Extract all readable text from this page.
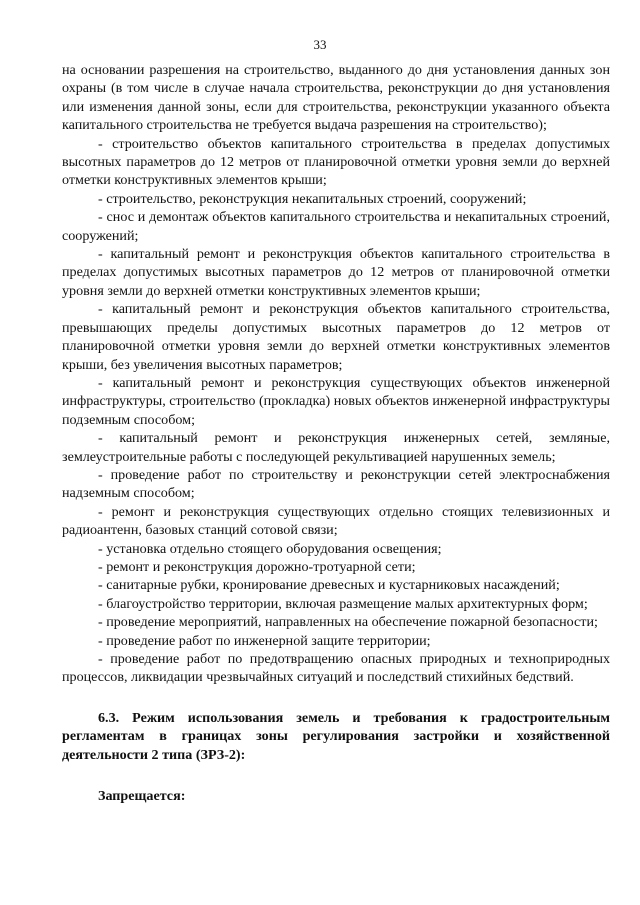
33

на основании разрешения на строительство, выданного до дня установления данных зон охраны (в том числе в случае начала строительства, реконструкции до дня установления или изменения данной зоны, если для строительства, реконструкции указанного объекта капитального строительства не требуется выдача разрешения на строительство);

- строительство объектов капитального строительства в пределах допустимых высотных параметров до 12 метров от планировочной отметки уровня земли до верхней отметки конструктивных элементов крыши;

- строительство, реконструкция некапитальных строений, сооружений;

- снос и демонтаж объектов капитального строительства и некапитальных строений, сооружений;

- капитальный ремонт и реконструкция объектов капитального строительства в пределах допустимых высотных параметров до 12 метров от планировочной отметки уровня земли до верхней отметки конструктивных элементов крыши;

- капитальный ремонт и реконструкция объектов капитального строительства, превышающих пределы допустимых высотных параметров до 12 метров от планировочной отметки уровня земли до верхней отметки конструктивных элементов крыши, без увеличения высотных параметров;

- капитальный ремонт и реконструкция существующих объектов инженерной инфраструктуры, строительство (прокладка) новых объектов инженерной инфраструктуры подземным способом;

- капитальный ремонт и реконструкция инженерных сетей, земляные, землеустроительные работы с последующей рекультивацией нарушенных земель;

- проведение работ по строительству и реконструкции сетей электроснабжения надземным способом;

- ремонт и реконструкция существующих отдельно стоящих телевизионных и радиоантенн, базовых станций сотовой связи;

- установка отдельно стоящего оборудования освещения;

- ремонт и реконструкция дорожно-тротуарной сети;

- санитарные рубки, кронирование древесных и кустарниковых насаждений;

- благоустройство территории, включая размещение малых архитектурных форм;

- проведение мероприятий, направленных на обеспечение пожарной безопасности;

- проведение работ по инженерной защите территории;

- проведение работ по предотвращению опасных природных и технoприродных процессов, ликвидации чрезвычайных ситуаций и последствий стихийных бедствий.

6.3. Режим использования земель и требования к градостроительным регламентам в границах зоны регулирования застройки и хозяйственной деятельности 2 типа (ЗРЗ-2):

Запрещается:
